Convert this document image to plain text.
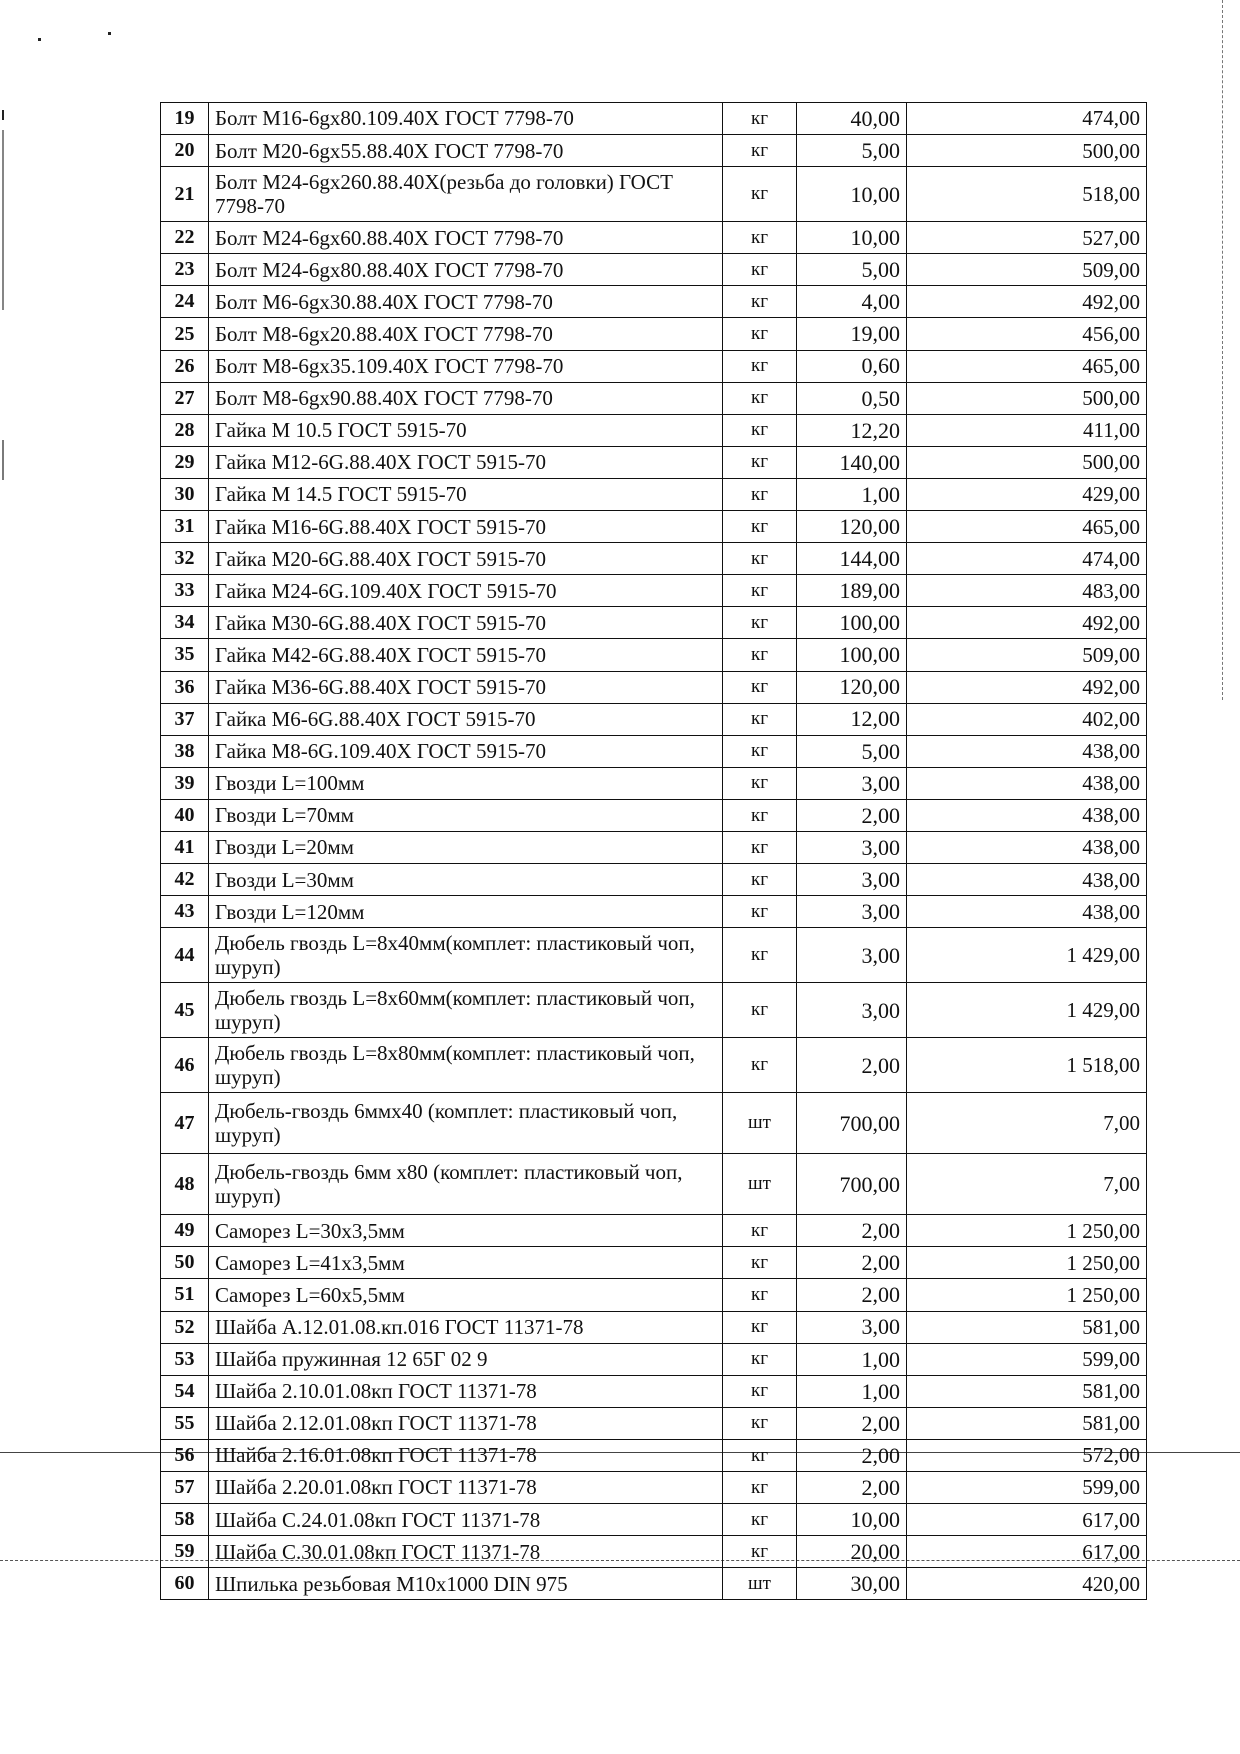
19	Болт М16-6gx80.109.40Х ГОСТ 7798-70	кг	40,00	474,00
20	Болт М20-6gx55.88.40Х ГОСТ 7798-70	кг	5,00	500,00
21	Болт М24-6gx260.88.40Х(резьба до головки) ГОСТ 7798-70	кг	10,00	518,00
22	Болт М24-6gx60.88.40Х ГОСТ 7798-70	кг	10,00	527,00
23	Болт М24-6gx80.88.40Х ГОСТ 7798-70	кг	5,00	509,00
24	Болт М6-6gx30.88.40Х ГОСТ 7798-70	кг	4,00	492,00
25	Болт М8-6gx20.88.40Х ГОСТ 7798-70	кг	19,00	456,00
26	Болт М8-6gx35.109.40Х ГОСТ 7798-70	кг	0,60	465,00
27	Болт М8-6gx90.88.40Х ГОСТ 7798-70	кг	0,50	500,00
28	Гайка М 10.5 ГОСТ 5915-70	кг	12,20	411,00
29	Гайка М12-6G.88.40Х ГОСТ 5915-70	кг	140,00	500,00
30	Гайка М 14.5 ГОСТ 5915-70	кг	1,00	429,00
31	Гайка М16-6G.88.40Х ГОСТ 5915-70	кг	120,00	465,00
32	Гайка М20-6G.88.40Х ГОСТ 5915-70	кг	144,00	474,00
33	Гайка М24-6G.109.40Х ГОСТ 5915-70	кг	189,00	483,00
34	Гайка М30-6G.88.40Х ГОСТ 5915-70	кг	100,00	492,00
35	Гайка М42-6G.88.40Х ГОСТ 5915-70	кг	100,00	509,00
36	Гайка М36-6G.88.40Х ГОСТ 5915-70	кг	120,00	492,00
37	Гайка М6-6G.88.40Х ГОСТ 5915-70	кг	12,00	402,00
38	Гайка М8-6G.109.40Х ГОСТ 5915-70	кг	5,00	438,00
39	Гвозди L=100мм	кг	3,00	438,00
40	Гвозди L=70мм	кг	2,00	438,00
41	Гвозди L=20мм	кг	3,00	438,00
42	Гвозди L=30мм	кг	3,00	438,00
43	Гвозди L=120мм	кг	3,00	438,00
44	Дюбель гвоздь L=8х40мм(комплет: пластиковый чоп, шуруп)	кг	3,00	1 429,00
45	Дюбель гвоздь L=8х60мм(комплет: пластиковый чоп, шуруп)	кг	3,00	1 429,00
46	Дюбель гвоздь L=8х80мм(комплет: пластиковый чоп, шуруп)	кг	2,00	1 518,00
47	Дюбель-гвоздь 6ммх40 (комплет: пластиковый чоп, шуруп)	шт	700,00	7,00
48	Дюбель-гвоздь 6мм х80 (комплет: пластиковый чоп, шуруп)	шт	700,00	7,00
49	Саморез L=30х3,5мм	кг	2,00	1 250,00
50	Саморез L=41х3,5мм	кг	2,00	1 250,00
51	Саморез L=60х5,5мм	кг	2,00	1 250,00
52	Шайба А.12.01.08.кп.016 ГОСТ 11371-78	кг	3,00	581,00
53	Шайба пружинная 12 65Г 02 9	кг	1,00	599,00
54	Шайба 2.10.01.08кп ГОСТ 11371-78	кг	1,00	581,00
55	Шайба 2.12.01.08кп ГОСТ 11371-78	кг	2,00	581,00
56	Шайба 2.16.01.08кп ГОСТ 11371-78	кг	2,00	572,00
57	Шайба 2.20.01.08кп ГОСТ 11371-78	кг	2,00	599,00
58	Шайба С.24.01.08кп ГОСТ 11371-78	кг	10,00	617,00
59	Шайба С.30.01.08кп ГОСТ 11371-78	кг	20,00	617,00
60	Шпилька резьбовая М10х1000 DIN 975	шт	30,00	420,00
